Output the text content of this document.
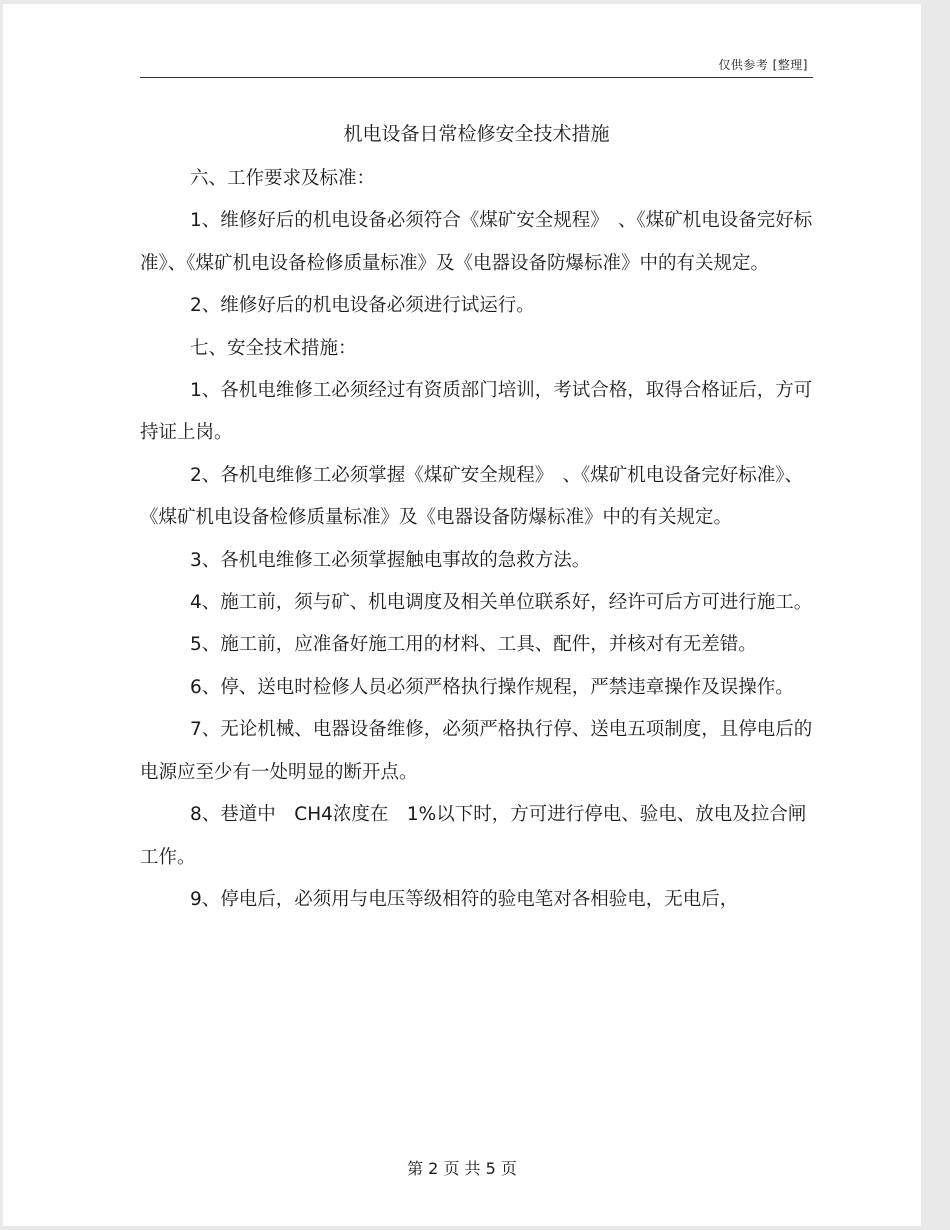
仅供参考 [整理]
机电设备日常检修安全技术措施

六、工作要求及标准：

1、维修好后的机电设备必须符合《煤矿安全规程》　、《煤矿机电设备完好标准》、《煤矿机电设备检修质量标准》及《电器设备防爆标准》中的有关规定。

2、维修好后的机电设备必须进行试运行。

七、安全技术措施：

1、各机电维修工必须经过有资质部门培训，考试合格，取得合格证后，方可持证上岗。

2、各机电维修工必须掌握《煤矿安全规程》　、《煤矿机电设备完好标准》、《煤矿机电设备检修质量标准》及《电器设备防爆标准》中的有关规定。

3、各机电维修工必须掌握触电事故的急救方法。

4、施工前，须与矿、机电调度及相关单位联系好，经许可后方可进行施工。

5、施工前，应准备好施工用的材料、工具、配件，并核对有无差错。

6、停、送电时检修人员必须严格执行操作规程，严禁违章操作及误操作。

7、无论机械、电器设备维修，必须严格执行停、送电五项制度，且停电后的电源应至少有一处明显的断开点。

8、巷道中　CH4浓度在　1%以下时，方可进行停电、验电、放电及拉合闸工作。

9、停电后，必须用与电压等级相符的验电笔对各相验电，无电后，

第 2 页 共 5 页
